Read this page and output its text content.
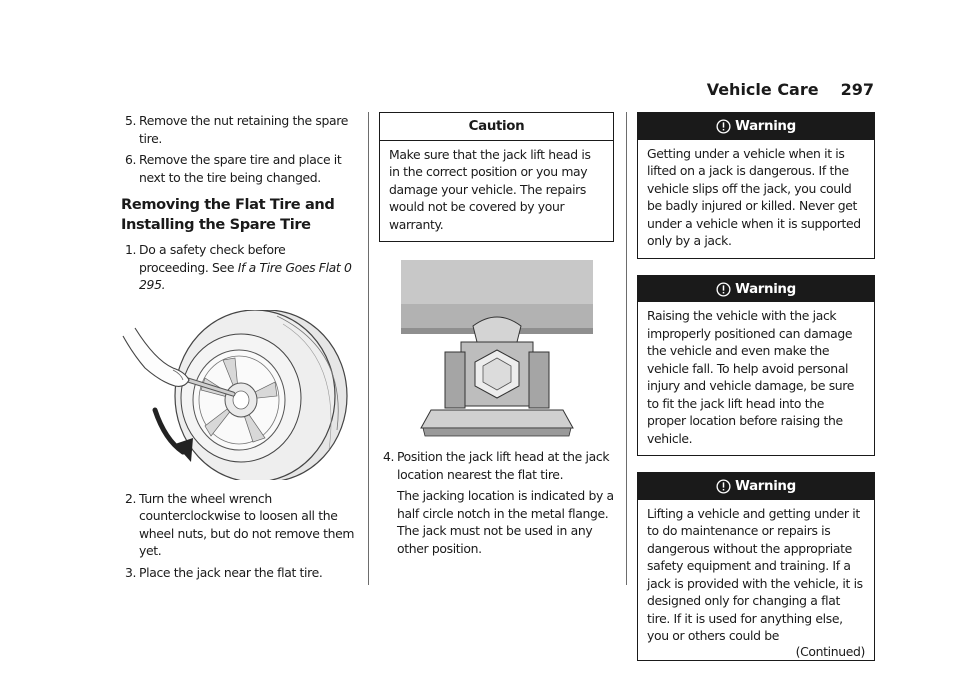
Vehicle Care 297
5. Remove the nut retaining the spare tire.
6. Remove the spare tire and place it next to the tire being changed.
Removing the Flat Tire and Installing the Spare Tire
1. Do a safety check before proceeding. See If a Tire Goes Flat 0 295.
2. Turn the wheel wrench counterclockwise to loosen all the wheel nuts, but do not remove them yet.
3. Place the jack near the flat tire.
Caution
Make sure that the jack lift head is in the correct position or you may damage your vehicle. The repairs would not be covered by your warranty.
4. Position the jack lift head at the jack location nearest the flat tire.
The jacking location is indicated by a half circle notch in the metal flange. The jack must not be used in any other position.
Warning
Getting under a vehicle when it is lifted on a jack is dangerous. If the vehicle slips off the jack, you could be badly injured or killed. Never get under a vehicle when it is supported only by a jack.
Warning
Raising the vehicle with the jack improperly positioned can damage the vehicle and even make the vehicle fall. To help avoid personal injury and vehicle damage, be sure to fit the jack lift head into the proper location before raising the vehicle.
Warning
Lifting a vehicle and getting under it to do maintenance or repairs is dangerous without the appropriate safety equipment and training. If a jack is provided with the vehicle, it is designed only for changing a flat tire. If it is used for anything else, you or others could be
(Continued)
